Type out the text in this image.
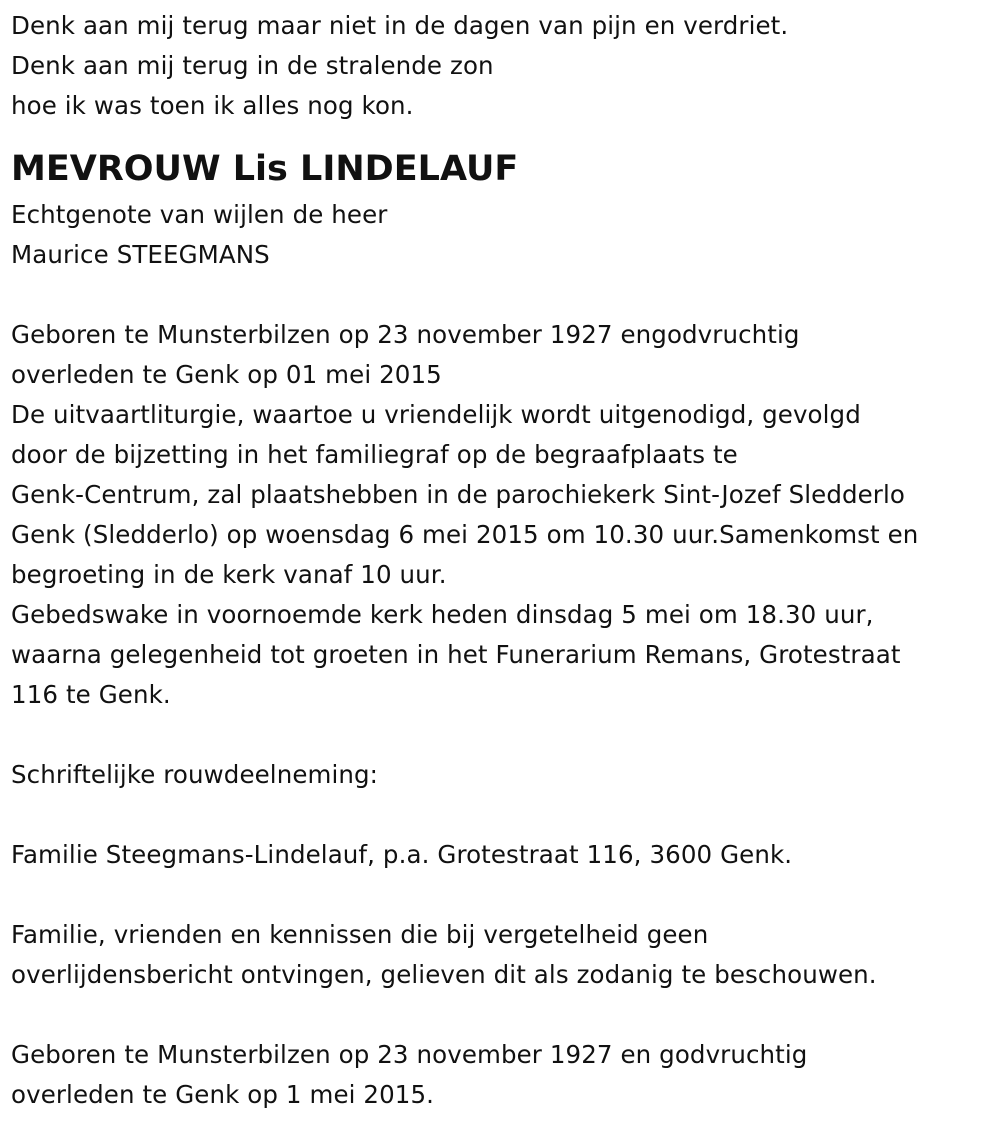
Denk aan mij terug maar niet in de dagen van pijn en verdriet.
Denk aan mij terug in de stralende zon
hoe ik was toen ik alles nog kon.
MEVROUW Lis LINDELAUF
Echtgenote van wijlen de heer
Maurice STEEGMANS
Geboren te Munsterbilzen op 23 november 1927 engodvruchtig
overleden te Genk op 01 mei 2015
De uitvaartliturgie, waartoe u vriendelijk wordt uitgenodigd, gevolgd
door de bijzetting in het familiegraf op de begraafplaats te
Genk-Centrum, zal plaatshebben in de parochiekerk Sint-Jozef Sledderlo
Genk (Sledderlo) op woensdag 6 mei 2015 om 10.30 uur.Samenkomst en
begroeting in de kerk vanaf 10 uur.
Gebedswake in voornoemde kerk heden dinsdag 5 mei om 18.30 uur,
waarna gelegenheid tot groeten in het Funerarium Remans, Grotestraat
116 te Genk.
Schriftelijke rouwdeelneming:
Familie Steegmans-Lindelauf, p.a. Grotestraat 116, 3600 Genk.
Familie, vrienden en kennissen die bij vergetelheid geen
overlijdensbericht ontvingen, gelieven dit als zodanig te beschouwen.
Geboren te Munsterbilzen op 23 november 1927 en godvruchtig
overleden te Genk op 1 mei 2015.
